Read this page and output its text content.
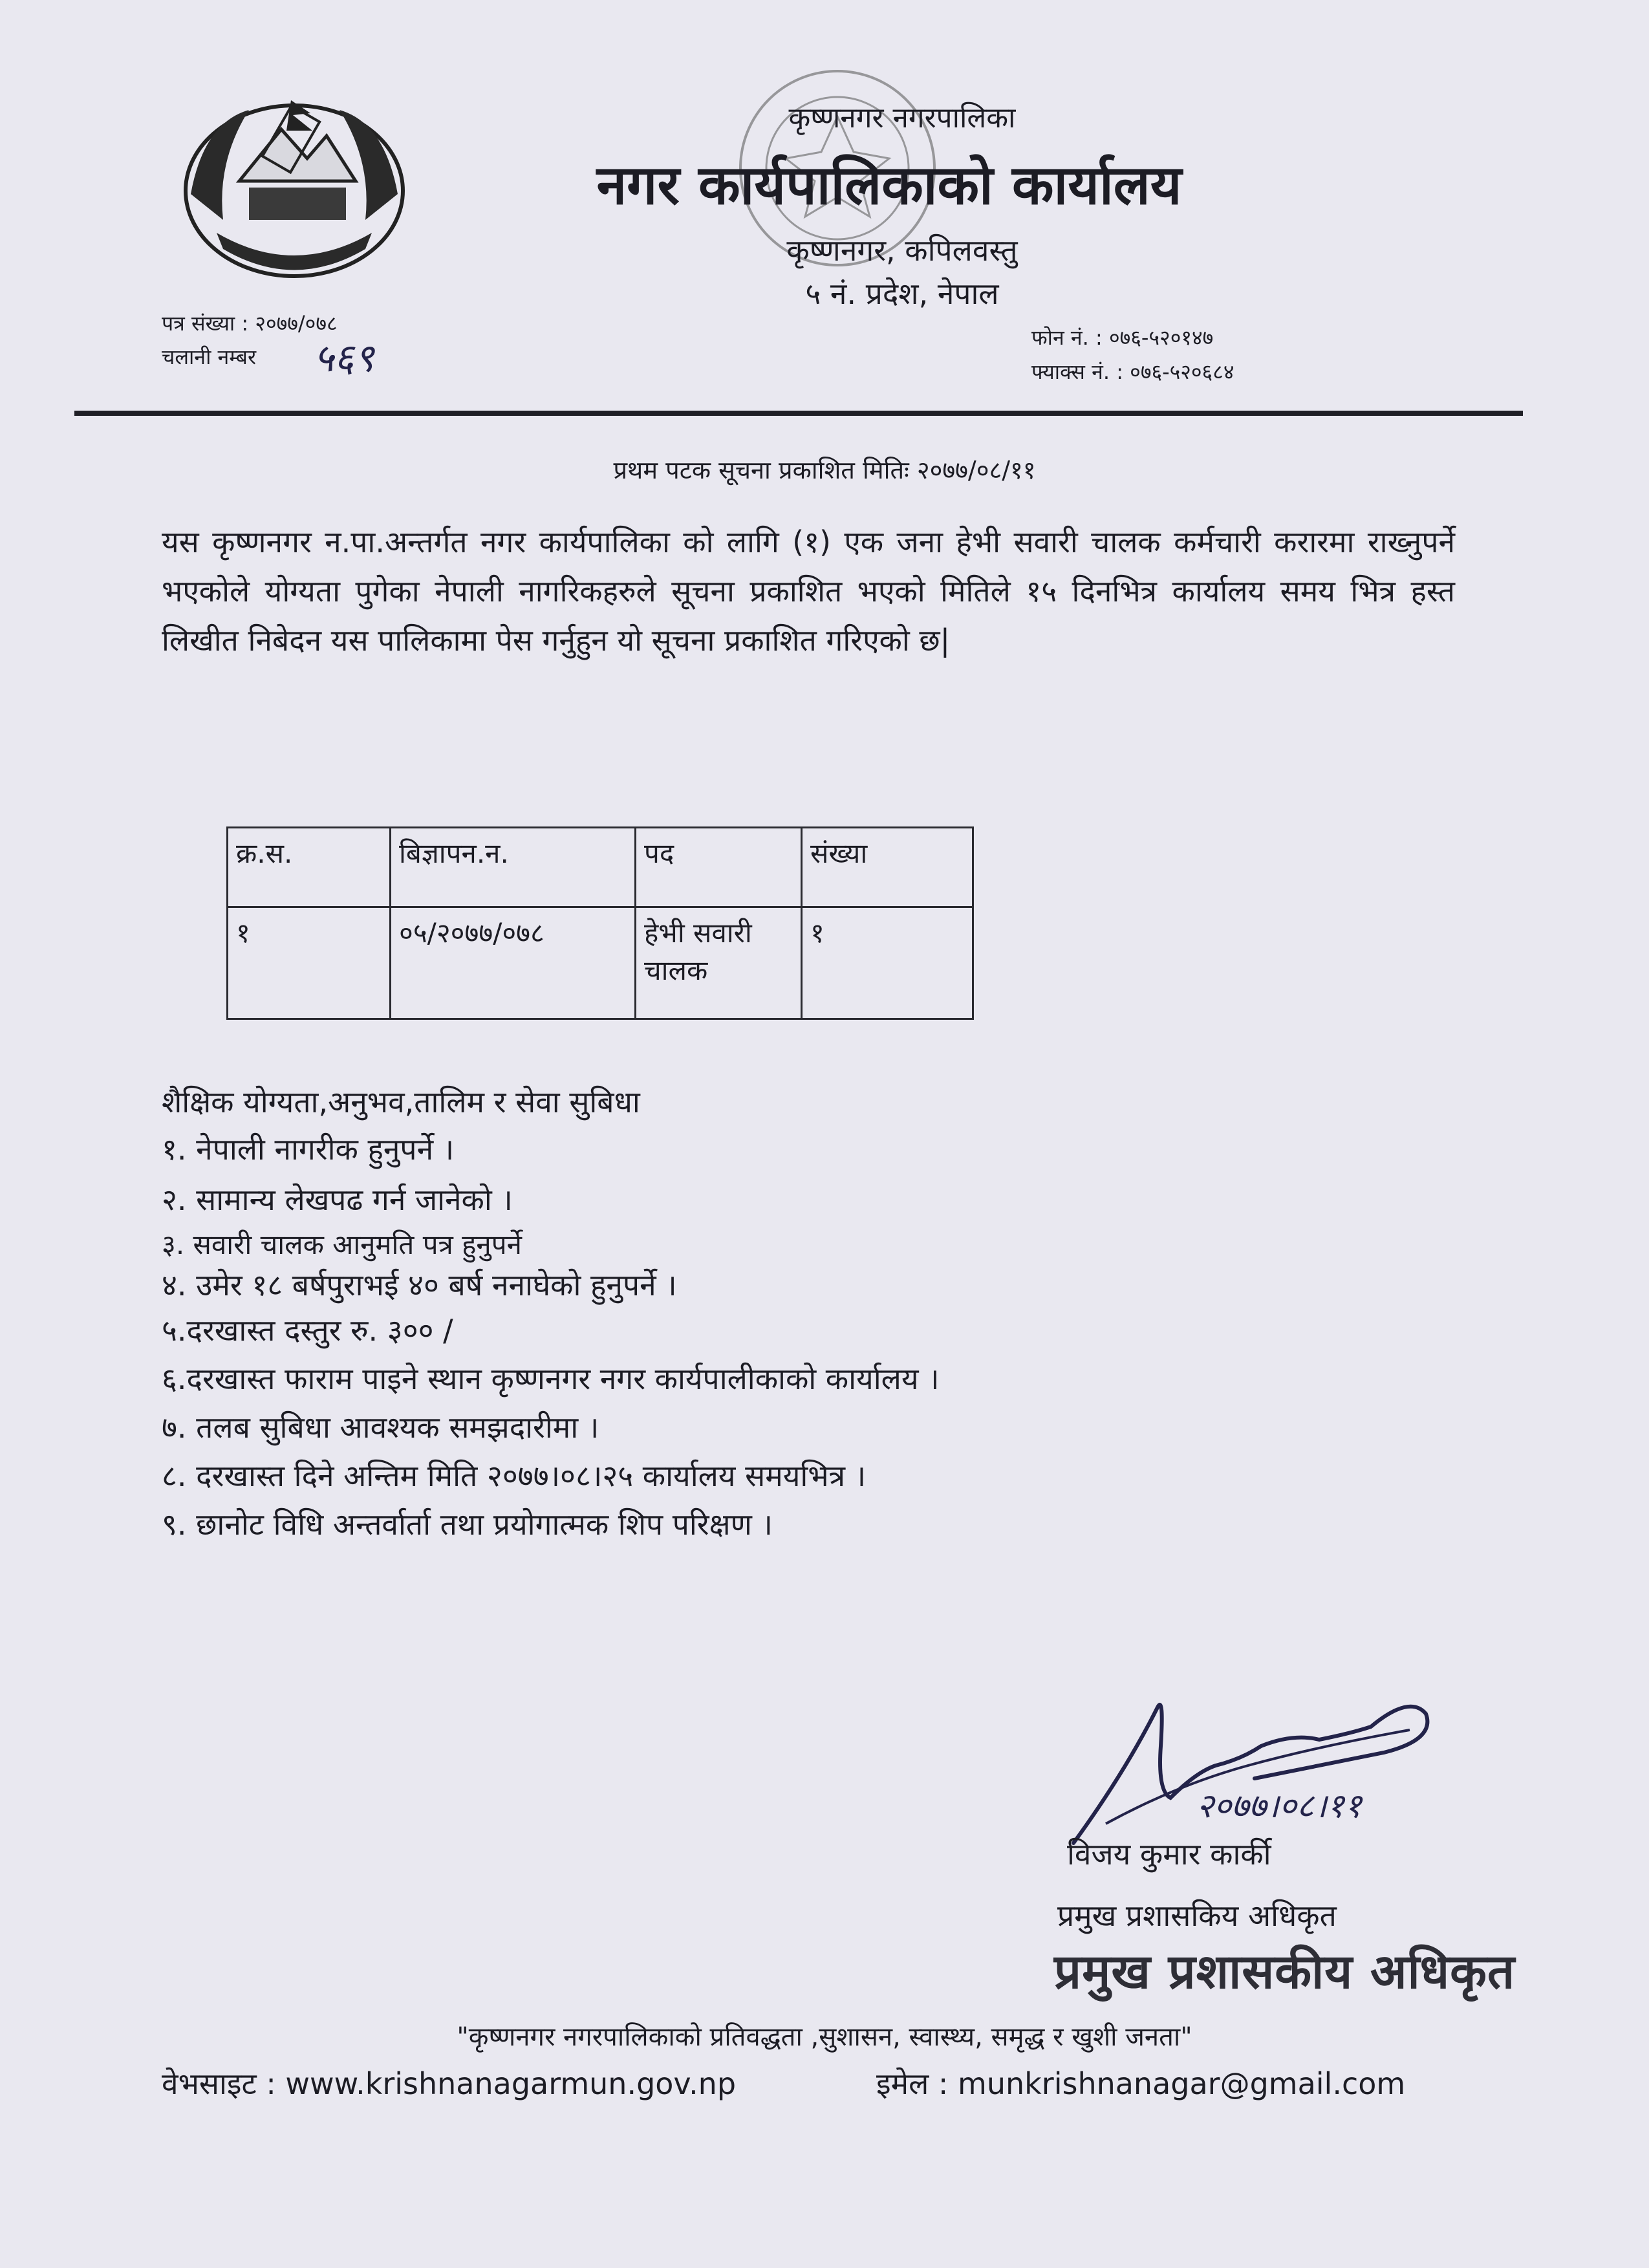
कृष्णनगर नगरपालिका
नगर कार्यपालिकाको कार्यालय
कृष्णनगर, कपिलवस्तु
५ नं. प्रदेश, नेपाल
पत्र संख्या : २०७७/०७८
चलानी नम्बर ५६९	फोन नं. : ०७६-५२०१४७
फ्याक्स नं. : ०७६-५२०६८४
प्रथम पटक सूचना प्रकाशित मितिः २०७७/०८/११
यस कृष्णनगर न.पा.अन्तर्गत नगर कार्यपालिका को लागि (१) एक जना हेभी सवारी चालक कर्मचारी करारमा राख्नुपर्ने भएकोले योग्यता पुगेका नेपाली नागरिकहरुले सूचना प्रकाशित भएको मितिले १५ दिनभित्र कार्यालय समय भित्र हस्त लिखीत निबेदन यस पालिकामा पेस गर्नुहुन यो सूचना प्रकाशित गरिएको छ|
क्र.स.	बिज्ञापन.न.	पद	संख्या
१	०५/२०७७/०७८	हेभी सवारी चालक	१
शैक्षिक योग्यता,अनुभव,तालिम र सेवा सुबिधा
१. नेपाली नागरीक हुनुपर्ने ।
२. सामान्य लेखपढ गर्न जानेको ।
३. सवारी चालक आनुमति पत्र हुनुपर्ने
४. उमेर १८ बर्षपुराभई ४० बर्ष ननाघेको हुनुपर्ने ।
५.दरखास्त दस्तुर रु. ३०० /
६.दरखास्त फाराम पाइने स्थान कृष्णनगर नगर कार्यपालीकाको कार्यालय ।
७. तलब सुबिधा आवश्यक समझदारीमा ।
८. दरखास्त दिने अन्तिम मिति २०७७।०८।२५ कार्यालय समयभित्र ।
९. छानोट विधि अन्तर्वार्ता तथा प्रयोगात्मक शिप परिक्षण ।
२०७७।०८।११
विजय कुमार कार्की
प्रमुख प्रशासकिय अधिकृत
प्रमुख प्रशासकीय अधिकृत
"कृष्णनगर नगरपालिकाको प्रतिवद्धता ,सुशासन, स्वास्थ्य, समृद्ध र खुशी जनता"
वेभसाइट : www.krishnanagarmun.gov.np	इमेल : munkrishnanagar@gmail.com
